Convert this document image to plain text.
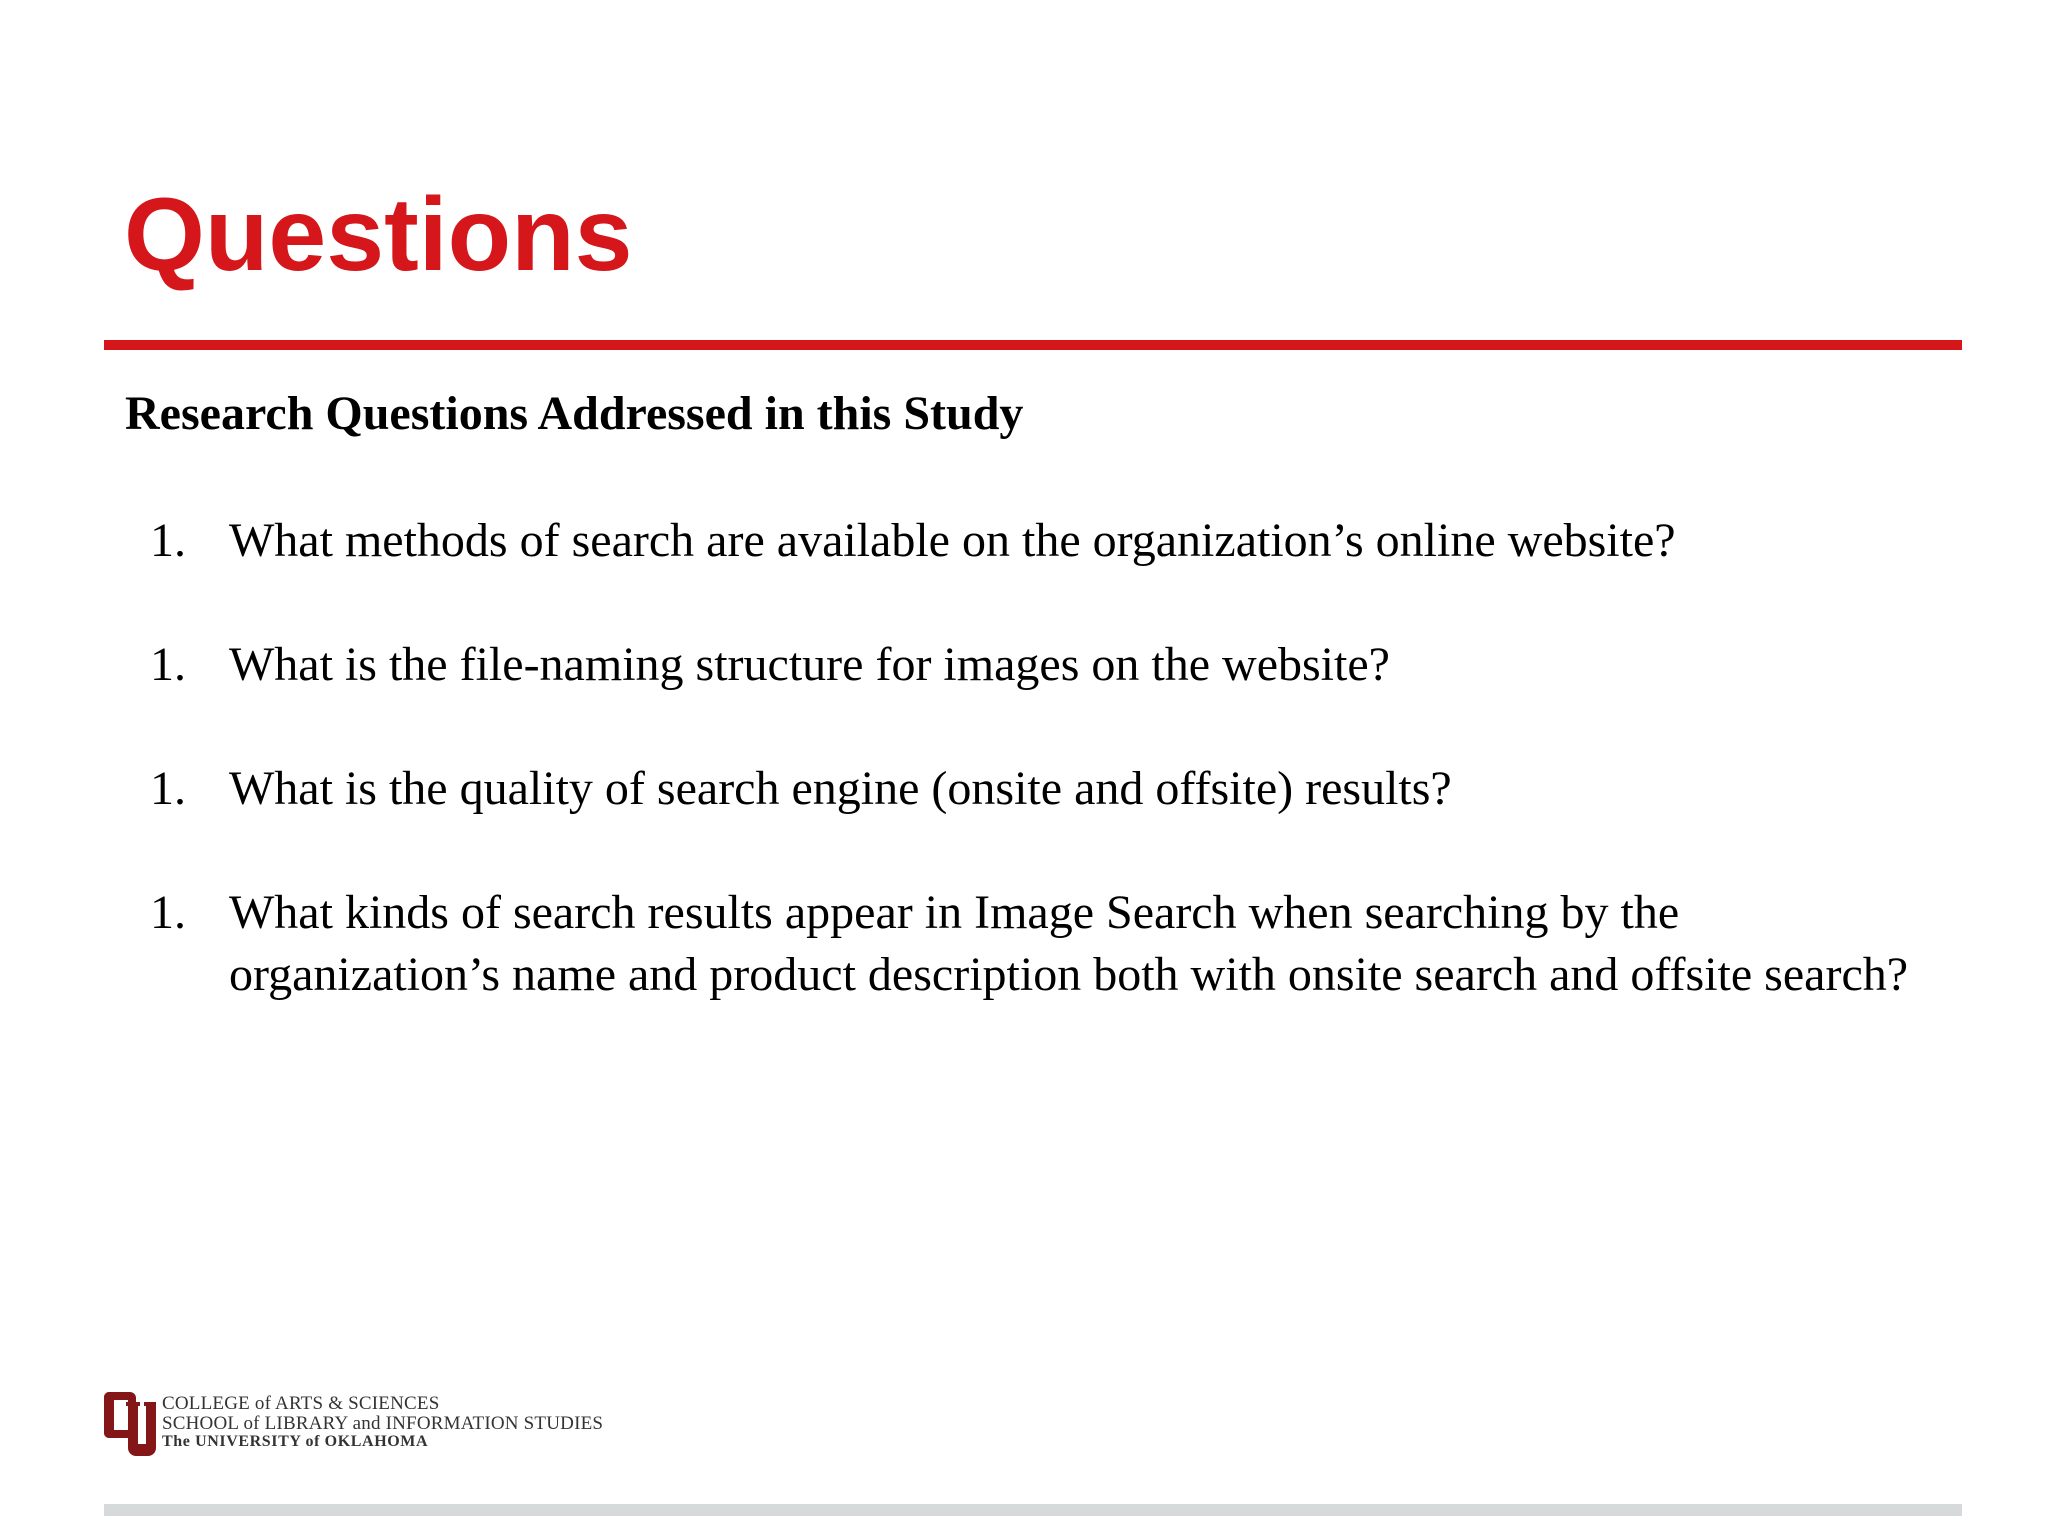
Questions
Research Questions Addressed in this Study
1. What methods of search are available on the organization’s online website?
1. What is the file-naming structure for images on the website?
1. What is the quality of search engine (onsite and offsite) results?
1. What kinds of search results appear in Image Search when searching by the organization’s name and product description both with onsite search and offsite search?
COLLEGE of ARTS & SCIENCES
SCHOOL of LIBRARY and INFORMATION STUDIES
The UNIVERSITY of OKLAHOMA
